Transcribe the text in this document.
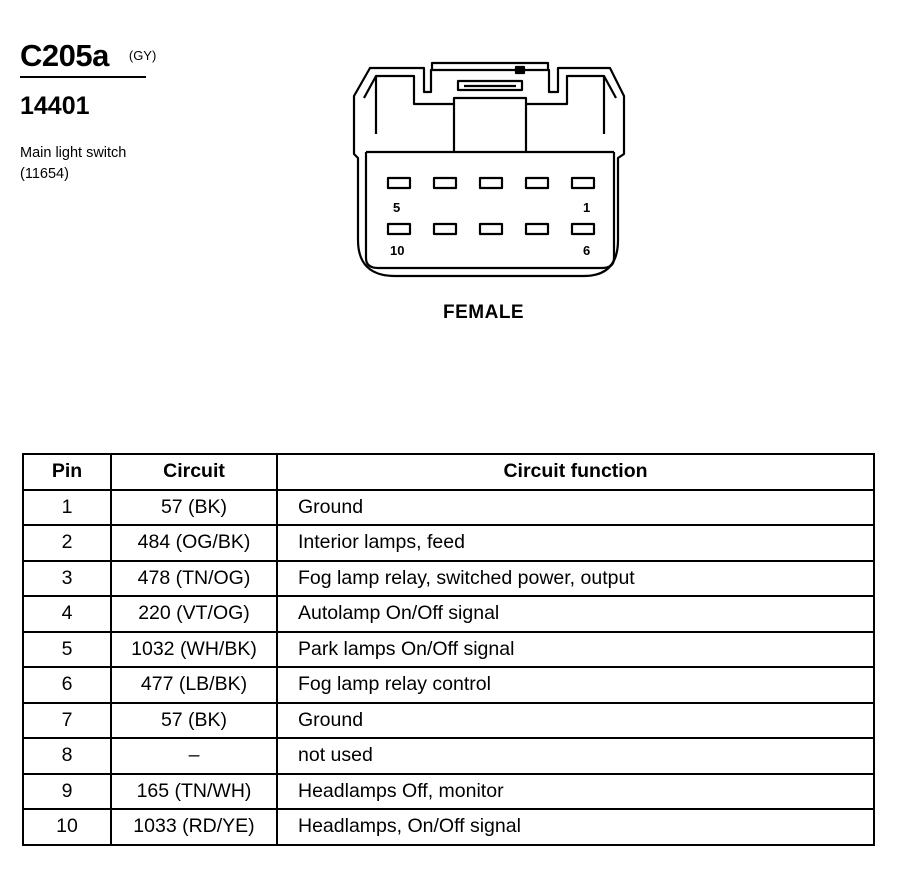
C205a $^{(GY)}$
14401
Main light switch
(11654)
5	1
10	6
FEMALE
Pin	Circuit	Circuit function
1	57 (BK)	Ground
2	484 (OG/BK)	Interior lamps, feed
3	478 (TN/OG)	Fog lamp relay, switched power, output
4	220 (VT/OG)	Autolamp On/Off signal
5	1032 (WH/BK)	Park lamps On/Off signal
6	477 (LB/BK)	Fog lamp relay control
7	57 (BK)	Ground
8	–	not used
9	165 (TN/WH)	Headlamps Off, monitor
10	1033 (RD/YE)	Headlamps, On/Off signal
